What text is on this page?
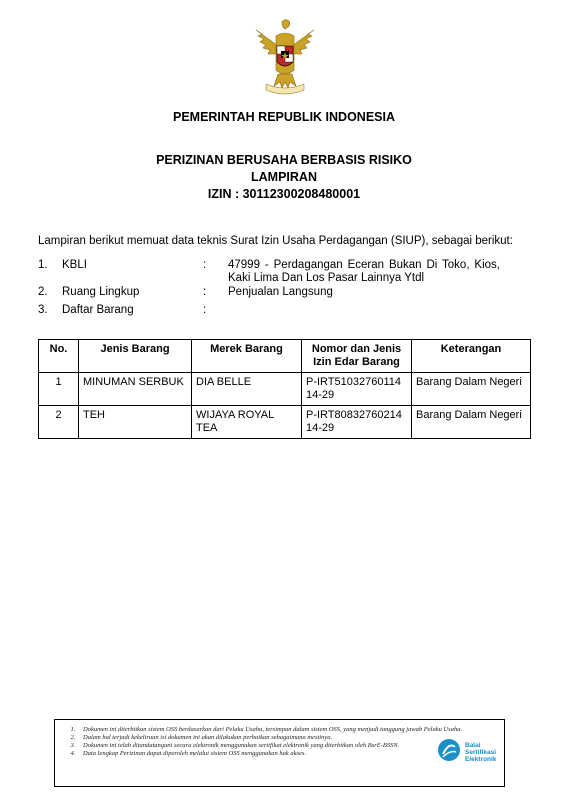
PEMERINTAH REPUBLIK INDONESIA
PERIZINAN BERUSAHA BERBASIS RISIKO
LAMPIRAN
IZIN : 30112300208480001
Lampiran berikut memuat data teknis Surat Izin Usaha Perdagangan (SIUP), sebagai berikut:
1. KBLI	: 47999 - Perdagangan Eceran Bukan Di Toko, Kios, Kaki Lima Dan Los Pasar Lainnya Ytdl
2. Ruang Lingkup	: Penjualan Langsung
3. Daftar Barang	:
No.	Jenis Barang	Merek Barang	Nomor dan Jenis Izin Edar Barang	Keterangan
1	MINUMAN SERBUK	DIA BELLE	P-IRT5103276011414-29	Barang Dalam Negeri
2	TEH	WIJAYA ROYAL TEA	P-IRT8083276021414-29	Barang Dalam Negeri
1. Dokumen ini diterbitkan sistem OSS berdasarkan dari Pelaku Usaha, tersimpan dalam sistem OSS, yang menjadi tanggung jawab Pelaku Usaha.
2. Dalam hal terjadi kekeliruan isi dokumen ini akan dilakukan perbaikan sebagaimana mestinya.
3. Dokumen ini telah ditandatangani secara elektronik menggunakan sertifikat elektronik yang diterbitkan oleh BsrE-BSSN.
4. Data lengkap Perizinan dapat diperoleh melalui sistem OSS menggunakan hak akses.
Balai
Sertifikasi
Elektronik
